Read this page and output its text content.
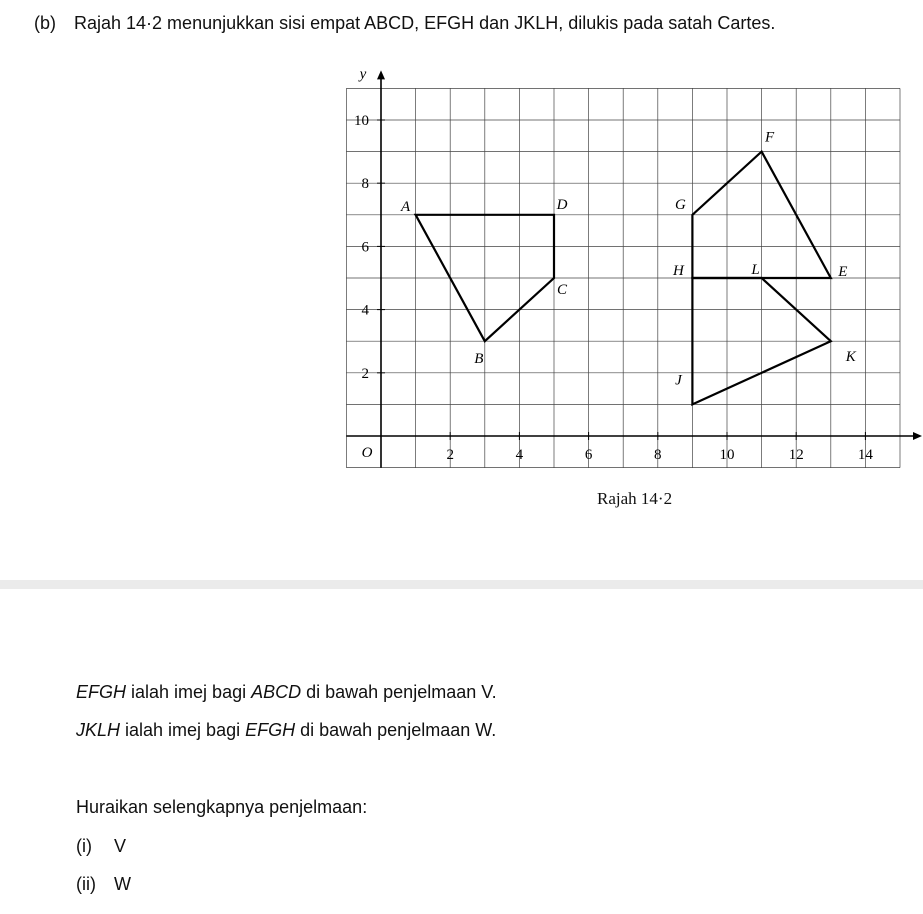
(b) Rajah 14·2 menunjukkan sisi empat ABCD, EFGH dan JKLH, dilukis pada satah Cartes.
2	4	6	8	10	12	14
2
4
6
8
10
O
y
A
B
C
D
E
F
G
H
J
K
L
Rajah 14·2
EFGH ialah imej bagi ABCD di bawah penjelmaan V.
JKLH ialah imej bagi EFGH di bawah penjelmaan W.
Huraikan selengkapnya penjelmaan:
(i) V
(ii) W
